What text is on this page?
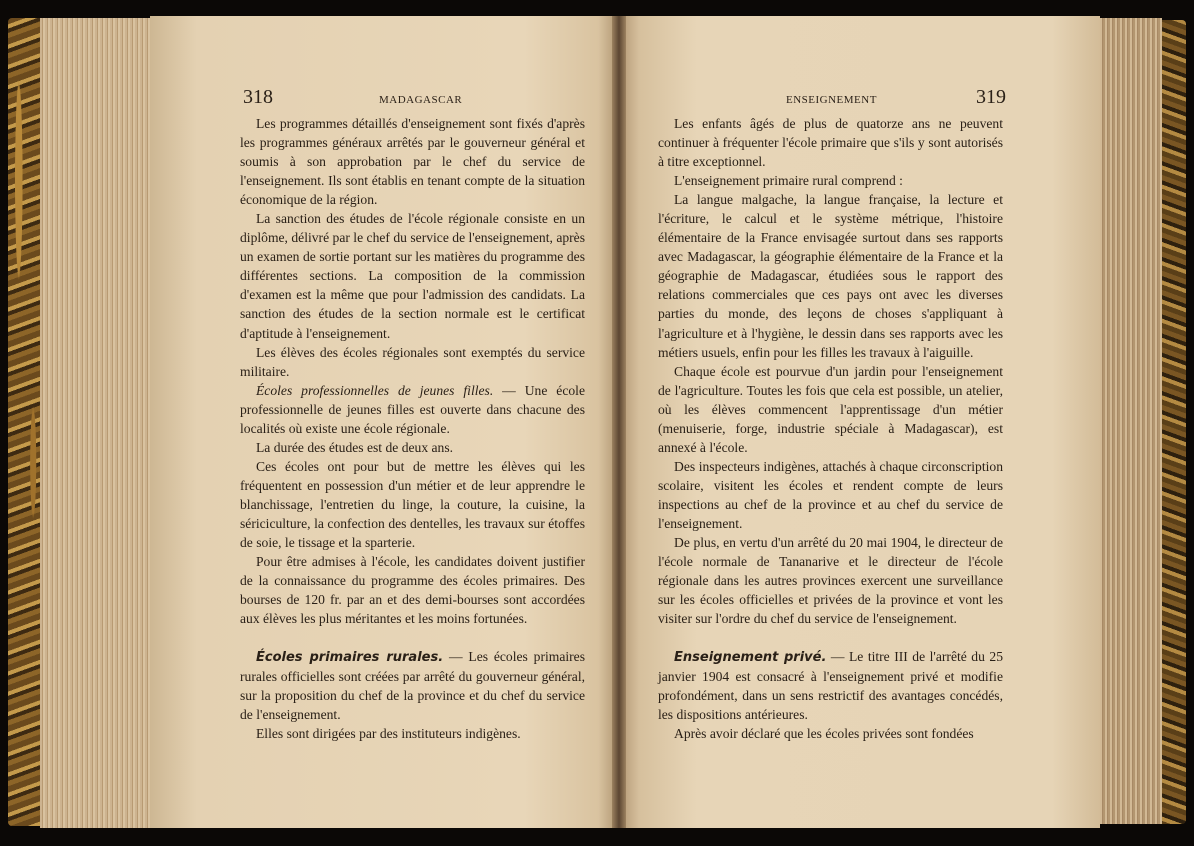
318	MADAGASCAR

Les programmes détaillés d'enseignement sont fixés d'après les programmes généraux arrêtés par le gouverneur général et soumis à son approbation par le chef du service de l'enseignement. Ils sont établis en tenant compte de la situation économique de la région.

La sanction des études de l'école régionale consiste en un diplôme, délivré par le chef du service de l'enseignement, après un examen de sortie portant sur les matières du programme des différentes sections. La composition de la commission d'examen est la même que pour l'admission des candidats. La sanction des études de la section normale est le certificat d'aptitude à l'enseignement.

Les élèves des écoles régionales sont exemptés du service militaire.

Écoles professionnelles de jeunes filles. — Une école professionnelle de jeunes filles est ouverte dans chacune des localités où existe une école régionale.

La durée des études est de deux ans.

Ces écoles ont pour but de mettre les élèves qui les fréquentent en possession d'un métier et de leur apprendre le blanchissage, l'entretien du linge, la couture, la cuisine, la sériciculture, la confection des dentelles, les travaux sur étoffes de soie, le tissage et la sparterie.

Pour être admises à l'école, les candidates doivent justifier de la connaissance du programme des écoles primaires. Des bourses de 120 fr. par an et des demi-bourses sont accordées aux élèves les plus méritantes et les moins fortunées.

Écoles primaires rurales. — Les écoles primaires rurales officielles sont créées par arrêté du gouverneur général, sur la proposition du chef de la province et du chef du service de l'enseignement.

Elles sont dirigées par des instituteurs indigènes.

ENSEIGNEMENT	319

Les enfants âgés de plus de quatorze ans ne peuvent continuer à fréquenter l'école primaire que s'ils y sont autorisés à titre exceptionnel.

L'enseignement primaire rural comprend :

La langue malgache, la langue française, la lecture et l'écriture, le calcul et le système métrique, l'histoire élémentaire de la France envisagée surtout dans ses rapports avec Madagascar, la géographie élémentaire de la France et la géographie de Madagascar, étudiées sous le rapport des relations commerciales que ces pays ont avec les diverses parties du monde, des leçons de choses s'appliquant à l'agriculture et à l'hygiène, le dessin dans ses rapports avec les métiers usuels, enfin pour les filles les travaux à l'aiguille.

Chaque école est pourvue d'un jardin pour l'enseignement de l'agriculture. Toutes les fois que cela est possible, un atelier, où les élèves commencent l'apprentissage d'un métier (menuiserie, forge, industrie spéciale à Madagascar), est annexé à l'école.

Des inspecteurs indigènes, attachés à chaque circonscription scolaire, visitent les écoles et rendent compte de leurs inspections au chef de la province et au chef du service de l'enseignement.

De plus, en vertu d'un arrêté du 20 mai 1904, le directeur de l'école normale de Tananarive et le directeur de l'école régionale dans les autres provinces exercent une surveillance sur les écoles officielles et privées de la province et vont les visiter sur l'ordre du chef du service de l'enseignement.

Enseignement privé. — Le titre III de l'arrêté du 25 janvier 1904 est consacré à l'enseignement privé et modifie profondément, dans un sens restrictif des avantages concédés, les dispositions antérieures.

Après avoir déclaré que les écoles privées sont fondées
